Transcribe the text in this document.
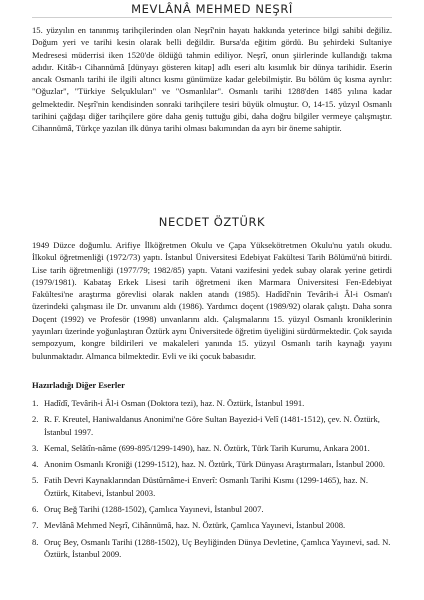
MEVLÂNÂ MEHMED NEŞRÎ

15. yüzyılın en tanınmış tarihçilerinden olan Neşrî'nin hayatı hakkında yeterince bilgi sahibi değiliz. Doğum yeri ve tarihi kesin olarak belli değildir. Bursa'da eğitim gördü. Bu şehirdeki Sultaniye Medresesi müderrisi iken 1520'de öldüğü tahmin ediliyor. Neşrî, onun şiirlerinde kullandığı takma adıdır. Kitâb-ı Cihannümâ [dünyayı gösteren kitap] adlı eseri altı kısımlık bir dünya tarihidir. Eserin ancak Osmanlı tarihi ile ilgili altıncı kısmı günümüze kadar gelebilmiştir. Bu bölüm üç kısma ayrılır: "Oğuzlar", "Türkiye Selçukluları" ve "Osmanlılar". Osmanlı tarihi 1288'den 1485 yılına kadar gelmektedir. Neşrî'nin kendisinden sonraki tarihçilere tesiri büyük olmuştur. O, 14-15. yüzyıl Osmanlı tarihini çağdaşı diğer tarihçilere göre daha geniş tuttuğu gibi, daha doğru bilgiler vermeye çalışmıştır. Cihannümâ, Türkçe yazılan ilk dünya tarihi olması bakımından da ayrı bir öneme sahiptir.

NECDET ÖZTÜRK

1949 Düzce doğumlu. Arifiye İlköğretmen Okulu ve Çapa Yüksekötretmen Okulu'nu yatılı okudu. İlkokul öğretmenliği (1972/73) yaptı. İstanbul Üniversitesi Edebiyat Fakültesi Tarih Bölümü'nü bitirdi. Lise tarih öğretmenliği (1977/79; 1982/85) yaptı. Vatani vazifesini yedek subay olarak yerine getirdi (1979/1981). Kabataş Erkek Lisesi tarih öğretmeni iken Marmara Üniversitesi Fen-Edebiyat Fakültesi'ne araştırma görevlisi olarak naklen atandı (1985). Hadîdî'nin Tevârih-i Âl-i Osman'ı üzerindeki çalışması ile Dr. unvanını aldı (1986). Yardımcı doçent (1989/92) olarak çalıştı. Daha sonra Doçent (1992) ve Profesör (1998) unvanlarını aldı. Çalışmalarını 15. yüzyıl Osmanlı kroniklerinin yayınları üzerinde yoğunlaştıran Öztürk aynı Üniversitede öğretim üyeliğini sürdürmektedir. Çok sayıda sempozyum, kongre bildirileri ve makaleleri yanında 15. yüzyıl Osmanlı tarih kaynağı yayını bulunmaktadır. Almanca bilmektedir. Evli ve iki çocuk babasıdır.

Hazırladığı Diğer Eserler

1. Hadîdî, Tevârih-i Âl-i Osman (Doktora tezi), haz. N. Öztürk, İstanbul 1991.

2. R. F. Kreutel, Haniwaldanus Anonimi'ne Göre Sultan Bayezid-i Velî (1481-1512), çev. N. Öztürk, İstanbul 1997.

3. Kemal, Selâtîn-nâme (699-895/1299-1490), haz. N. Öztürk, Türk Tarih Kurumu, Ankara 2001.

4. Anonim Osmanlı Kroniği (1299-1512), haz. N. Öztürk, Türk Dünyası Araştırmaları, İstanbul 2000.

5. Fatih Devri Kaynaklarından Düstûrnâme-i Enverî: Osmanlı Tarihi Kısmı (1299-1465), haz. N. Öztürk, Kitabevi, İstanbul 2003.

6. Oruç Beğ Tarihi (1288-1502), Çamlıca Yayınevi, İstanbul 2007.

7. Mevlânâ Mehmed Neşrî, Cihânnümâ, haz. N. Öztürk, Çamlıca Yayınevi, İstanbul 2008.

8. Oruç Bey, Osmanlı Tarihi (1288-1502), Uç Beyliğinden Dünya Devletine, Çamlıca Yayınevi, sad. N. Öztürk, İstanbul 2009.
